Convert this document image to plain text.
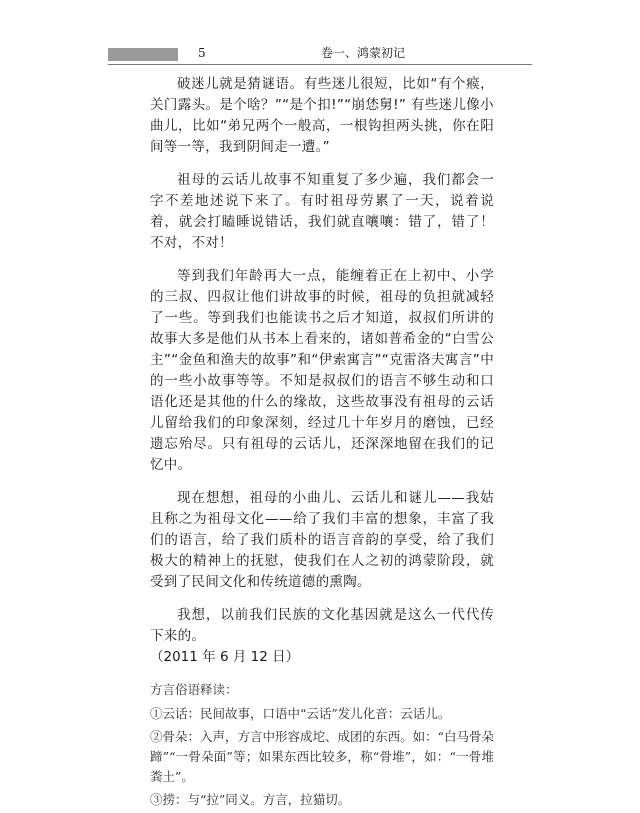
5	卷一、鸿蒙初记

破迷儿就是猜谜语。有些迷儿很短，比如“有个瘊，关门露头。是个啥？”“是个扣!”“崩恷舅!” 有些迷儿像小曲儿，比如“弟兄两个一般高，一根钩担两头挑，你在阳间等一等，我到阴间走一遭。”

祖母的云话儿故事不知重复了多少遍，我们都会一字不差地述说下来了。有时祖母劳累了一天，说着说着，就会打瞌睡说错话，我们就直嚷嚷：错了，错了！不对，不对！

等到我们年龄再大一点，能缠着正在上初中、小学的三叔、四叔让他们讲故事的时候，祖母的负担就减轻了一些。等到我们也能读书之后才知道，叔叔们所讲的故事大多是他们从书本上看来的，诸如普希金的“白雪公主”“金鱼和渔夫的故事”和“伊索寓言”“克雷洛夫寓言”中的一些小故事等等。不知是叔叔们的语言不够生动和口语化还是其他的什么的缘故，这些故事没有祖母的云话儿留给我们的印象深刻，经过几十年岁月的磨蚀，已经遗忘殆尽。只有祖母的云话儿，还深深地留在我们的记忆中。

现在想想，祖母的小曲儿、云话儿和谜儿——我姑且称之为祖母文化——给了我们丰富的想象，丰富了我们的语言，给了我们质朴的语言音韵的享受，给了我们极大的精神上的抚慰，使我们在人之初的鸿蒙阶段，就受到了民间文化和传统道德的熏陶。

我想，以前我们民族的文化基因就是这么一代代传下来的。

（2011 年 6 月 12 日）

方言俗语释读：

①云话：民间故事，口语中“云话”发儿化音：云话儿。

②骨朵：入声，方言中形容成坨、成团的东西。如：“白马骨朵蹄”“一骨朵面”等；如果东西比较多，称“骨堆”，如：“一骨堆粪土”。

③捞：与“拉”同义。方言，拉猫切。
